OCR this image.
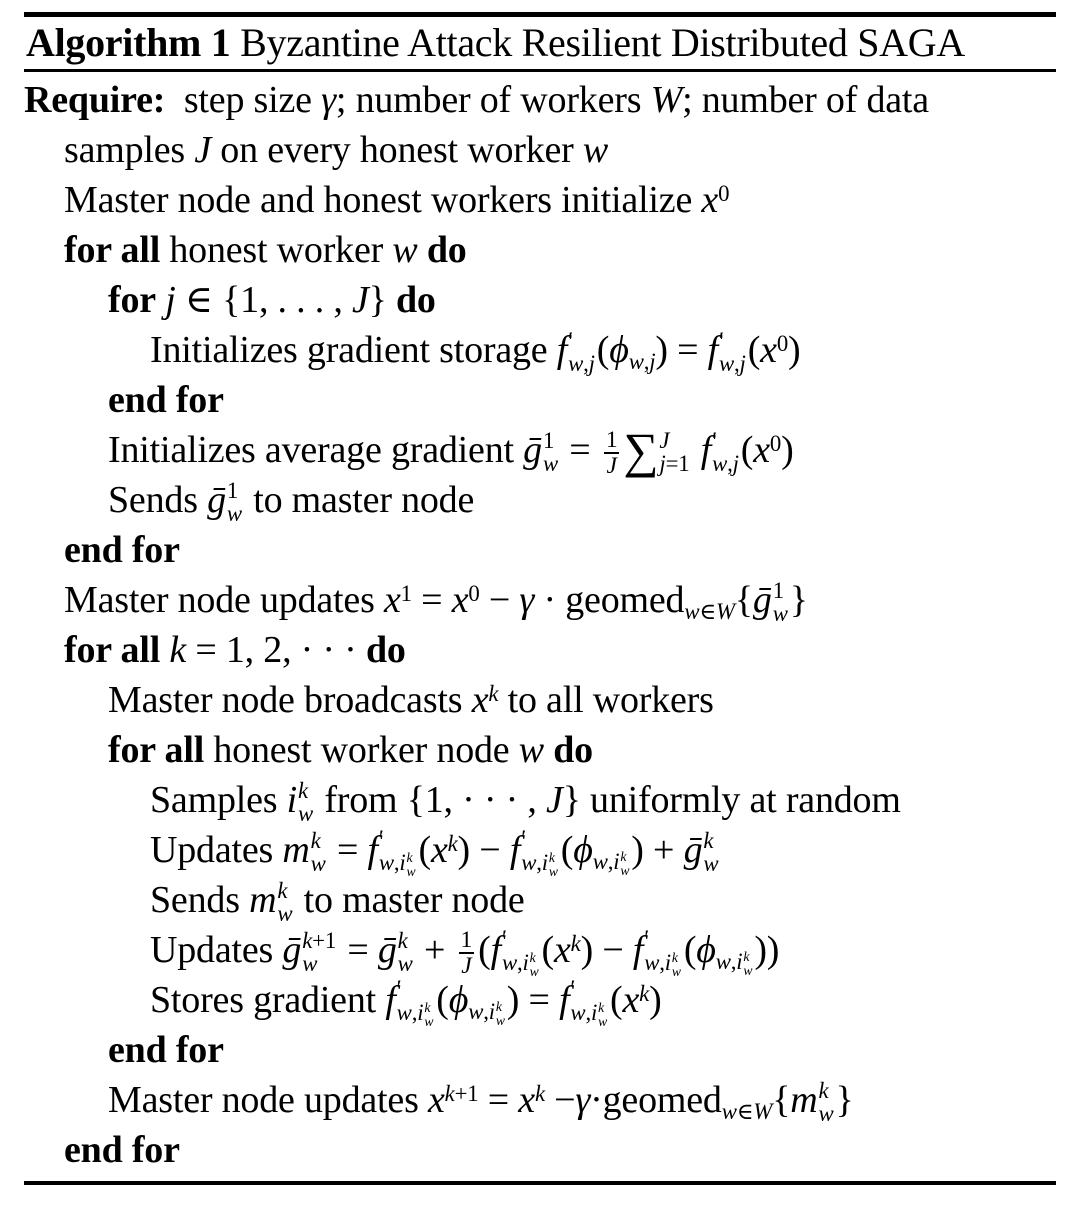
Algorithm 1 Byzantine Attack Resilient Distributed SAGA
Require:  step size γ; number of workers W; number of data
samples J on every honest worker w
Master node and honest workers initialize $x^0$
for all honest worker w do
for j ∈ {1, . . . , J} do
Initializes gradient storage f ′
w,j (ϕw,j) = f ′
w,j $(x^0)$
end for
Initializes average gradient ḡ 1
$w = \frac{1}{J}$ ∑ J
j=1 f ′
w,j $(x^0)$
Sends ḡ 1
w to master node
end for
Master node updates $x^1 = x^0 - \gamma$ · geomedw∈W{ḡ 1
w }
for all k = 1, 2, · · · do
Master node broadcasts $x^k$ to all workers
for all honest worker node w do
Samples i k
w from {1, · · · , J} uniformly at random
Updates m k
w = f ′
w,i k
w
$(x^k) - f$ ′
w,i k
w
(ϕw,i k
w ) + ḡ k
w
Sends m k
w to master node
Updates ḡ k+1
w = ḡ k
$w + \frac{1}{J} (f$ ′
w,i k
w
$(x^k) - f$ ′
w,i k
w
(ϕw,i k
w ))
Stores gradient f ′
w,i k
w
(ϕw,i k
w ) = f ′
w,i k
w
$(x^k)$
end for
Master node updates $x^{k+1} = x^k$ −γ·geomedw∈W{m k
w }
end for
